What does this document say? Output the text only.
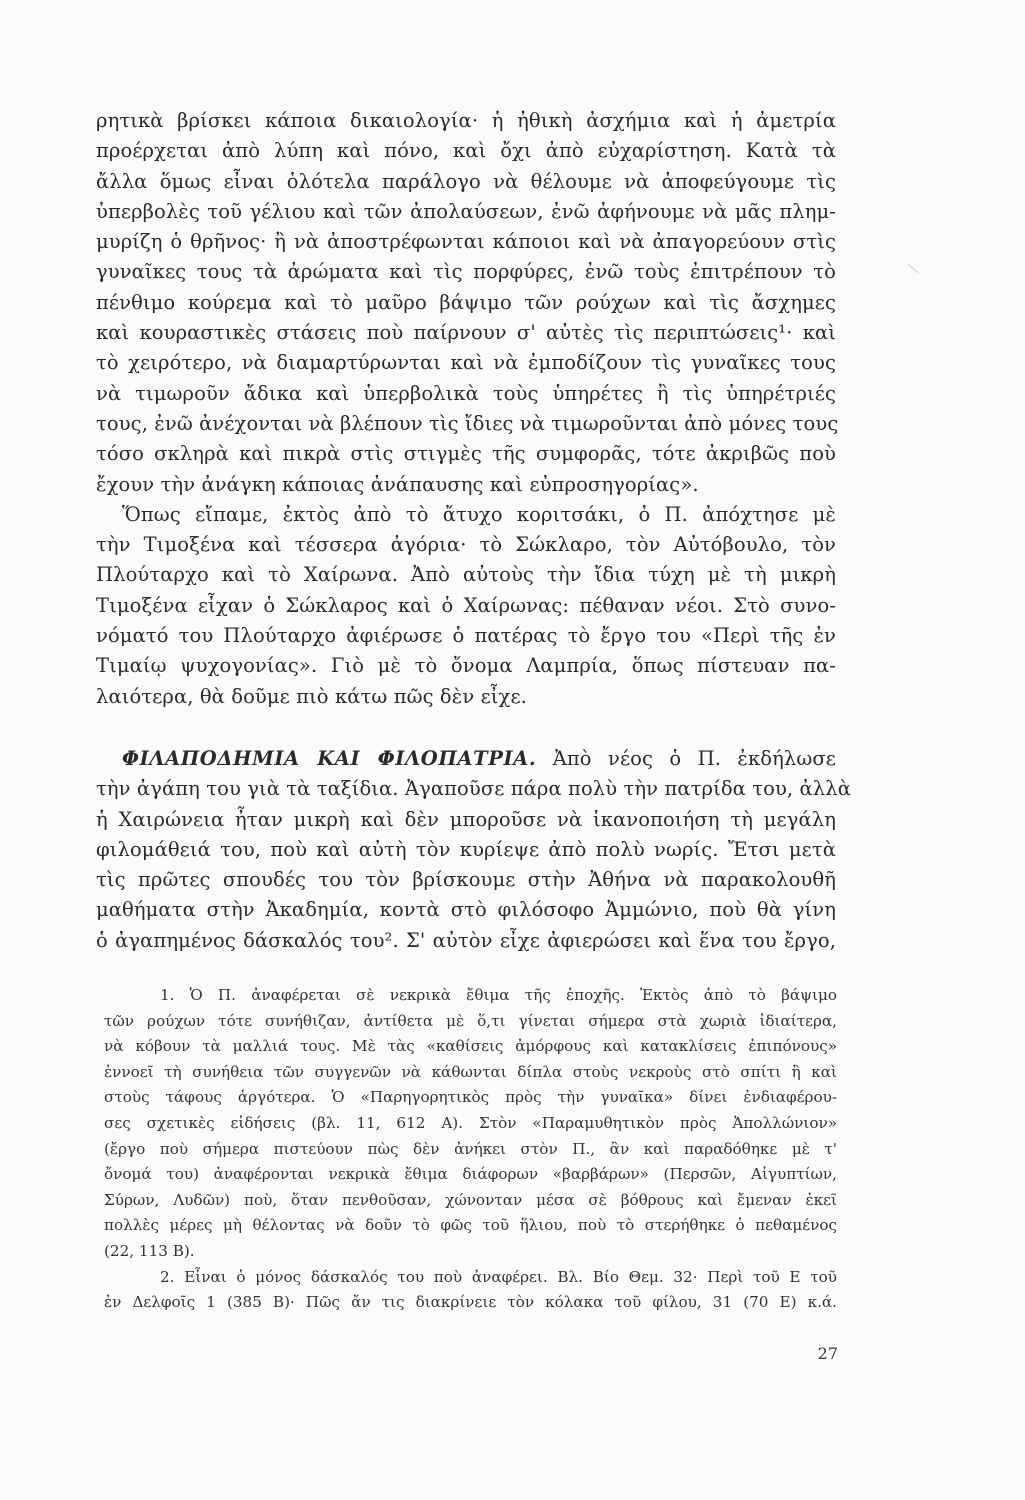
ρητικὰ βρίσκει κάποια δικαιολογία· ἡ ἠθικὴ ἀσχήμια καὶ ἡ ἀμετρία
προέρχεται ἀπὸ λύπη καὶ πόνο, καὶ ὄχι ἀπὸ εὐχαρίστηση. Κατὰ τὰ
ἄλλα ὅμως εἶναι ὁλότελα παράλογο νὰ θέλουμε νὰ ἀποφεύγουμε τὶς
ὑπερβολὲς τοῦ γέλιου καὶ τῶν ἀπολαύσεων, ἐνῶ ἀφήνουμε νὰ μᾶς πλημ-
μυρίζη ὁ θρῆνος· ἢ νὰ ἀποστρέφωνται κάποιοι καὶ νὰ ἀπαγορεύουν στὶς
γυναῖκες τους τὰ ἀρώματα καὶ τὶς πορφύρες, ἐνῶ τοὺς ἐπιτρέπουν τὸ
πένθιμο κούρεμα καὶ τὸ μαῦρο βάψιμο τῶν ρούχων καὶ τὶς ἄσχημες
καὶ κουραστικὲς στάσεις ποὺ παίρνουν σ' αὐτὲς τὶς περιπτώσεις¹· καὶ
τὸ χειρότερο, νὰ διαμαρτύρωνται καὶ νὰ ἐμποδίζουν τὶς γυναῖκες τους
νὰ τιμωροῦν ἄδικα καὶ ὑπερβολικὰ τοὺς ὑπηρέτες ἢ τὶς ὑπηρέτριές
τους, ἐνῶ ἀνέχονται νὰ βλέπουν τὶς ἴδιες νὰ τιμωροῦνται ἀπὸ μόνες τους
τόσο σκληρὰ καὶ πικρὰ στὶς στιγμὲς τῆς συμφορᾶς, τότε ἀκριβῶς ποὺ
ἔχουν τὴν ἀνάγκη κάποιας ἀνάπαυσης καὶ εὐπροσηγορίας».
Ὅπως εἴπαμε, ἐκτὸς ἀπὸ τὸ ἄτυχο κοριτσάκι, ὁ Π. ἀπόχτησε μὲ
τὴν Τιμοξένα καὶ τέσσερα ἀγόρια· τὸ Σώκλαρο, τὸν Αὐτόβουλο, τὸν
Πλούταρχο καὶ τὸ Χαίρωνα. Ἀπὸ αὐτοὺς τὴν ἴδια τύχη μὲ τὴ μικρὴ
Τιμοξένα εἶχαν ὁ Σώκλαρος καὶ ὁ Χαίρωνας: πέθαναν νέοι. Στὸ συνο-
νόματό του Πλούταρχο ἀφιέρωσε ὁ πατέρας τὸ ἔργο του «Περὶ τῆς ἐν
Τιμαίῳ ψυχογονίας». Γιὸ μὲ τὸ ὄνομα Λαμπρία, ὅπως πίστευαν πα-
λαιότερα, θὰ δοῦμε πιὸ κάτω πῶς δὲν εἶχε.
ΦΙΛΑΠΟΔΗΜΙΑ ΚΑΙ ΦΙΛΟΠΑΤΡΙΑ. Ἀπὸ νέος ὁ Π. ἐκδήλωσε
τὴν ἀγάπη του γιὰ τὰ ταξίδια. Ἀγαποῦσε πάρα πολὺ τὴν πατρίδα του, ἀλλὰ
ἡ Χαιρώνεια ἦταν μικρὴ καὶ δὲν μποροῦσε νὰ ἱκανοποιήση τὴ μεγάλη
φιλομάθειά του, ποὺ καὶ αὐτὴ τὸν κυρίεψε ἀπὸ πολὺ νωρίς. Ἔτσι μετὰ
τὶς πρῶτες σπουδές του τὸν βρίσκουμε στὴν Ἀθήνα νὰ παρακολουθῆ
μαθήματα στὴν Ἀκαδημία, κοντὰ στὸ φιλόσοφο Ἀμμώνιο, ποὺ θὰ γίνη
ὁ ἀγαπημένος δάσκαλός του². Σ' αὐτὸν εἶχε ἀφιερώσει καὶ ἕνα του ἔργο,
1. Ὁ Π. ἀναφέρεται σὲ νεκρικὰ ἔθιμα τῆς ἐποχῆς. Ἐκτὸς ἀπὸ τὸ βάψιμο
τῶν ρούχων τότε συνήθιζαν, ἀντίθετα μὲ ὅ,τι γίνεται σήμερα στὰ χωριὰ ἰδιαίτερα,
νὰ κόβουν τὰ μαλλιά τους. Μὲ τὰς «καθίσεις ἀμόρφους καὶ κατακλίσεις ἐπιπόνους»
ἐννοεῖ τὴ συνήθεια τῶν συγγενῶν νὰ κάθωνται δίπλα στοὺς νεκροὺς στὸ σπίτι ἢ καὶ
στοὺς τάφους ἀργότερα. Ὁ «Παρηγορητικὸς πρὸς τὴν γυναῖκα» δίνει ἐνδιαφέρου-
σες σχετικὲς εἰδήσεις (βλ. 11, 612 Α). Στὸν «Παραμυθητικὸν πρὸς Ἀπολλώνιον»
(ἔργο ποὺ σήμερα πιστεύουν πὼς δὲν ἀνήκει στὸν Π., ἂν καὶ παραδόθηκε μὲ τ'
ὄνομά του) ἀναφέρονται νεκρικὰ ἔθιμα διάφορων «βαρβάρων» (Περσῶν, Αἰγυπτίων,
Σύρων, Λυδῶν) ποὺ, ὅταν πενθοῦσαν, χώνονταν μέσα σὲ βόθρους καὶ ἔμεναν ἐκεῖ
πολλὲς μέρες μὴ θέλοντας νὰ δοῦν τὸ φῶς τοῦ ἥλιου, ποὺ τὸ στερήθηκε ὁ πεθαμένος
(22, 113 Β).
2. Εἶναι ὁ μόνος δάσκαλός του ποὺ ἀναφέρει. Βλ. Βίο Θεμ. 32· Περὶ τοῦ Ε τοῦ
ἐν Δελφοῖς 1 (385 Β)· Πῶς ἄν τις διακρίνειε τὸν κόλακα τοῦ φίλου, 31 (70 Ε) κ.ά.
27
